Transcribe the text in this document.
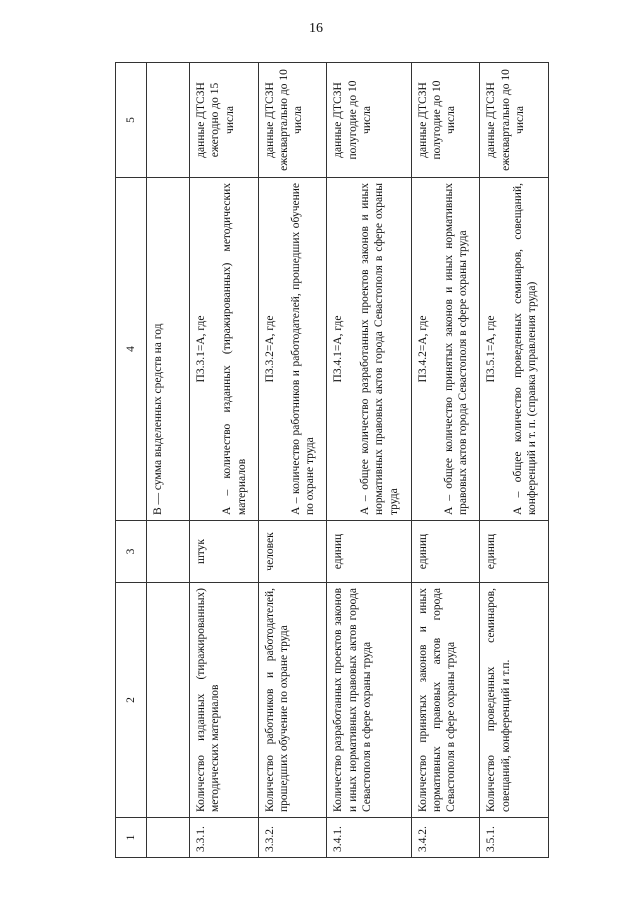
16
1	2	3	4	5
			В — сумма выделенных средств на год	
3.3.1.	Количество изданных (тиражированных) методических материалов	штук	П3.3.1=А, где А – количество изданных (тиражированных) методических материалов	данные ДТСЗН ежегодно до 15 числа
3.3.2.	Количество работников и работодателей, прошедших обучение по охране труда	человек	П3.3.2=А, где А – количество работников и работодателей, прошедших обучение по охране труда	данные ДТСЗН ежеквартально до 10 числа
3.4.1.	Количество разработанных проектов законов и иных нормативных правовых актов города Севастополя в сфере охраны труда	единиц	П3.4.1=А, где А – общее количество разработанных проектов законов и иных нормативных правовых актов города Севастополя в сфере охраны труда	данные ДТСЗН полугодие до 10 числа
3.4.2.	Количество принятых законов и иных нормативных правовых актов города Севастополя в сфере охраны труда	единиц	П3.4.2=А, где А – общее количество принятых законов и иных нормативных правовых актов города Севастополя в сфере охраны труда	данные ДТСЗН полугодие до 10 числа
3.5.1.	Количество проведенных семинаров, совещаний, конференций и т.п.	единиц	П3.5.1=А, где А – общее количество проведенных семинаров, совещаний, конференций и т. п. (справка управления труда)	данные ДТСЗН ежеквартально до 10 числа
